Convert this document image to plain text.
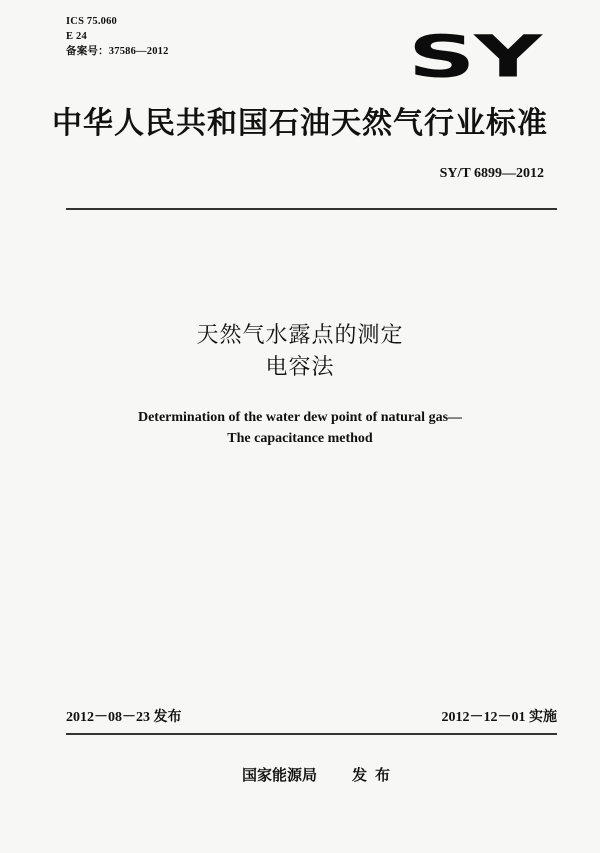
ICS 75.060
E 24
备案号：37586—2012	SY
中华人民共和国石油天然气行业标准
SY/T 6899—2012
天然气水露点的测定
电容法
Determination of the water dew point of natural gas—
The capacitance method
2012－08－23 发布	2012－12－01 实施
国家能源局 发布
